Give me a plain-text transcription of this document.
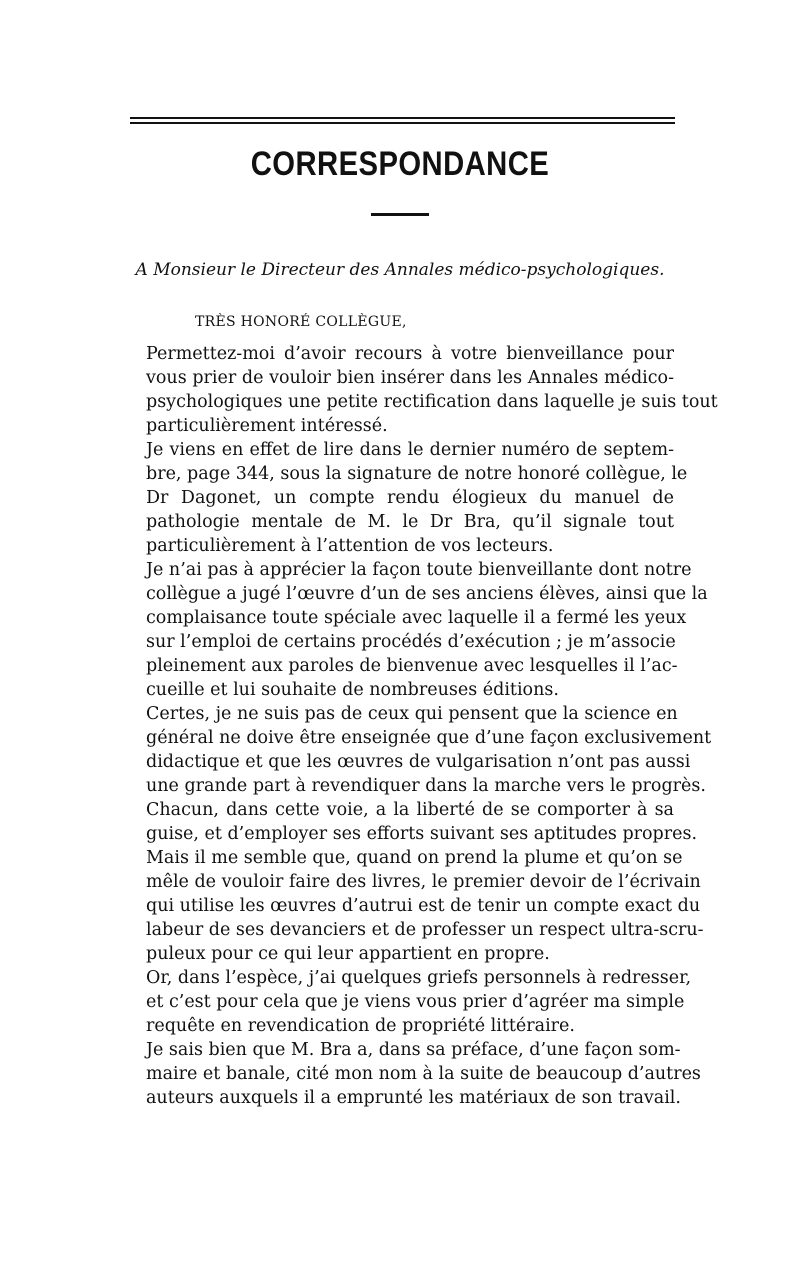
CORRESPONDANCE
A Monsieur le Directeur des Annales médico-psychologiques.
TRÈS HONORÉ COLLÈGUE,

Permettez-moi d’avoir recours à votre bienveillance pour
vous prier de vouloir bien insérer dans les Annales médico-
psychologiques une petite rectification dans laquelle je suis tout
particulièrement intéressé.

Je viens en effet de lire dans le dernier numéro de septem-
bre, page 344, sous la signature de notre honoré collègue, le
Dr Dagonet, un compte rendu élogieux du manuel de
pathologie mentale de M. le Dr Bra, qu’il signale tout
particulièrement à l’attention de vos lecteurs.

Je n’ai pas à apprécier la façon toute bienveillante dont notre
collègue a jugé l’œuvre d’un de ses anciens élèves, ainsi que la
complaisance toute spéciale avec laquelle il a fermé les yeux
sur l’emploi de certains procédés d’exécution ; je m’associe
pleinement aux paroles de bienvenue avec lesquelles il l’ac-
cueille et lui souhaite de nombreuses éditions.

Certes, je ne suis pas de ceux qui pensent que la science en
général ne doive être enseignée que d’une façon exclusivement
didactique et que les œuvres de vulgarisation n’ont pas aussi
une grande part à revendiquer dans la marche vers le progrès.

Chacun, dans cette voie, a la liberté de se comporter à sa
guise, et d’employer ses efforts suivant ses aptitudes propres.
Mais il me semble que, quand on prend la plume et qu’on se
mêle de vouloir faire des livres, le premier devoir de l’écrivain
qui utilise les œuvres d’autrui est de tenir un compte exact du
labeur de ses devanciers et de professer un respect ultra-scru-
puleux pour ce qui leur appartient en propre.

Or, dans l’espèce, j’ai quelques griefs personnels à redresser,
et c’est pour cela que je viens vous prier d’agréer ma simple
requête en revendication de propriété littéraire.

Je sais bien que M. Bra a, dans sa préface, d’une façon som-
maire et banale, cité mon nom à la suite de beaucoup d’autres
auteurs auxquels il a emprunté les matériaux de son travail.
